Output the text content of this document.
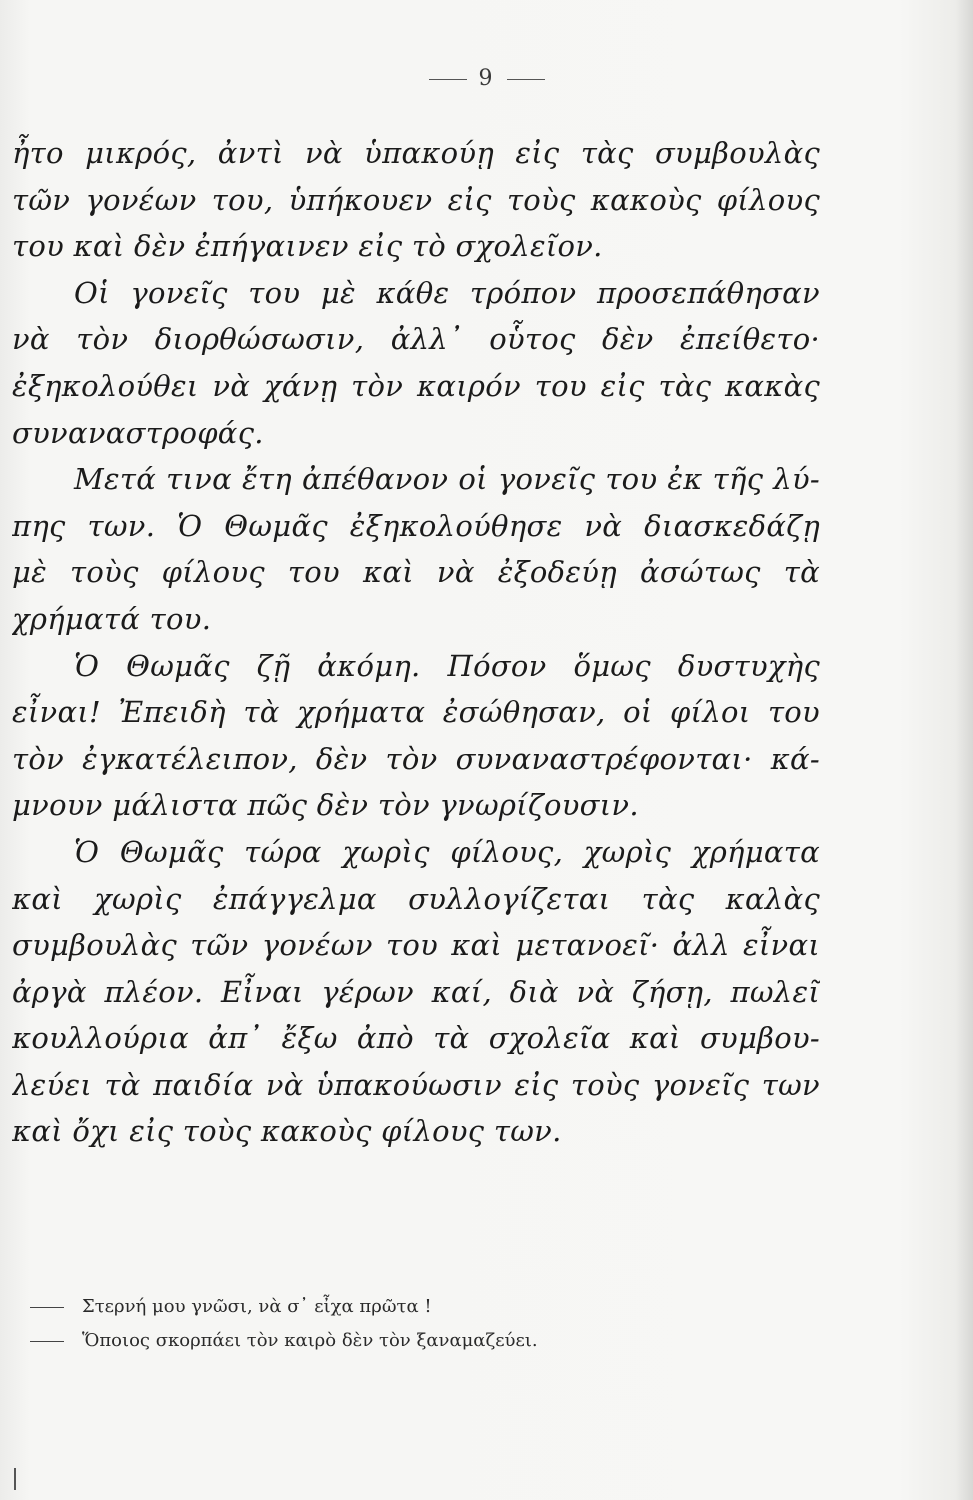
9
ἦτο μικρός, ἀντὶ νὰ ὑπακούῃ εἰς τὰς συμβουλὰς
τῶν γονέων του, ὑπήκουεν εἰς τοὺς κακοὺς φίλους
του καὶ δὲν ἐπήγαινεν εἰς τὸ σχολεῖον.
Οἱ γονεῖς του μὲ κάθε τρόπον προσεπάθησαν
νὰ τὸν διορθώσωσιν, ἀλλ᾽ οὗτος δὲν ἐπείθετο·
ἐξηκολούθει νὰ χάνῃ τὸν καιρόν του εἰς τὰς κακὰς
συναναστροφάς.
Μετά τινα ἔτη ἀπέθανον οἱ γονεῖς του ἐκ τῆς λύ-
πης των. Ὁ Θωμᾶς ἐξηκολούθησε νὰ διασκεδάζῃ
μὲ τοὺς φίλους του καὶ νὰ ἐξοδεύῃ ἀσώτως τὰ
χρήματά του.
Ὁ Θωμᾶς ζῇ ἀκόμη. Πόσον ὅμως δυστυχὴς
εἶναι! Ἐπειδὴ τὰ χρήματα ἐσώθησαν, οἱ φίλοι του
τὸν ἐγκατέλειπον, δὲν τὸν συναναστρέφονται· κά-
μνουν μάλιστα πῶς δὲν τὸν γνωρίζουσιν.
Ὁ Θωμᾶς τώρα χωρὶς φίλους, χωρὶς χρήματα
καὶ χωρὶς ἐπάγγελμα συλλογίζεται τὰς καλὰς
συμβουλὰς τῶν γονέων του καὶ μετανοεῖ· ἀλλ εἶναι
ἀργὰ πλέον. Εἶναι γέρων καί, διὰ νὰ ζήσῃ, πωλεῖ
κουλλούρια ἀπ᾽ ἔξω ἀπὸ τὰ σχολεῖα καὶ συμβου-
λεύει τὰ παιδία νὰ ὑπακούωσιν εἰς τοὺς γονεῖς των
καὶ ὄχι εἰς τοὺς κακοὺς φίλους των.
Στερνή μου γνῶσι, νὰ σ᾽ εἶχα πρῶτα !
Ὅποιος σκορπάει τὸν καιρὸ δὲν τὸν ξαναμαζεύει.
